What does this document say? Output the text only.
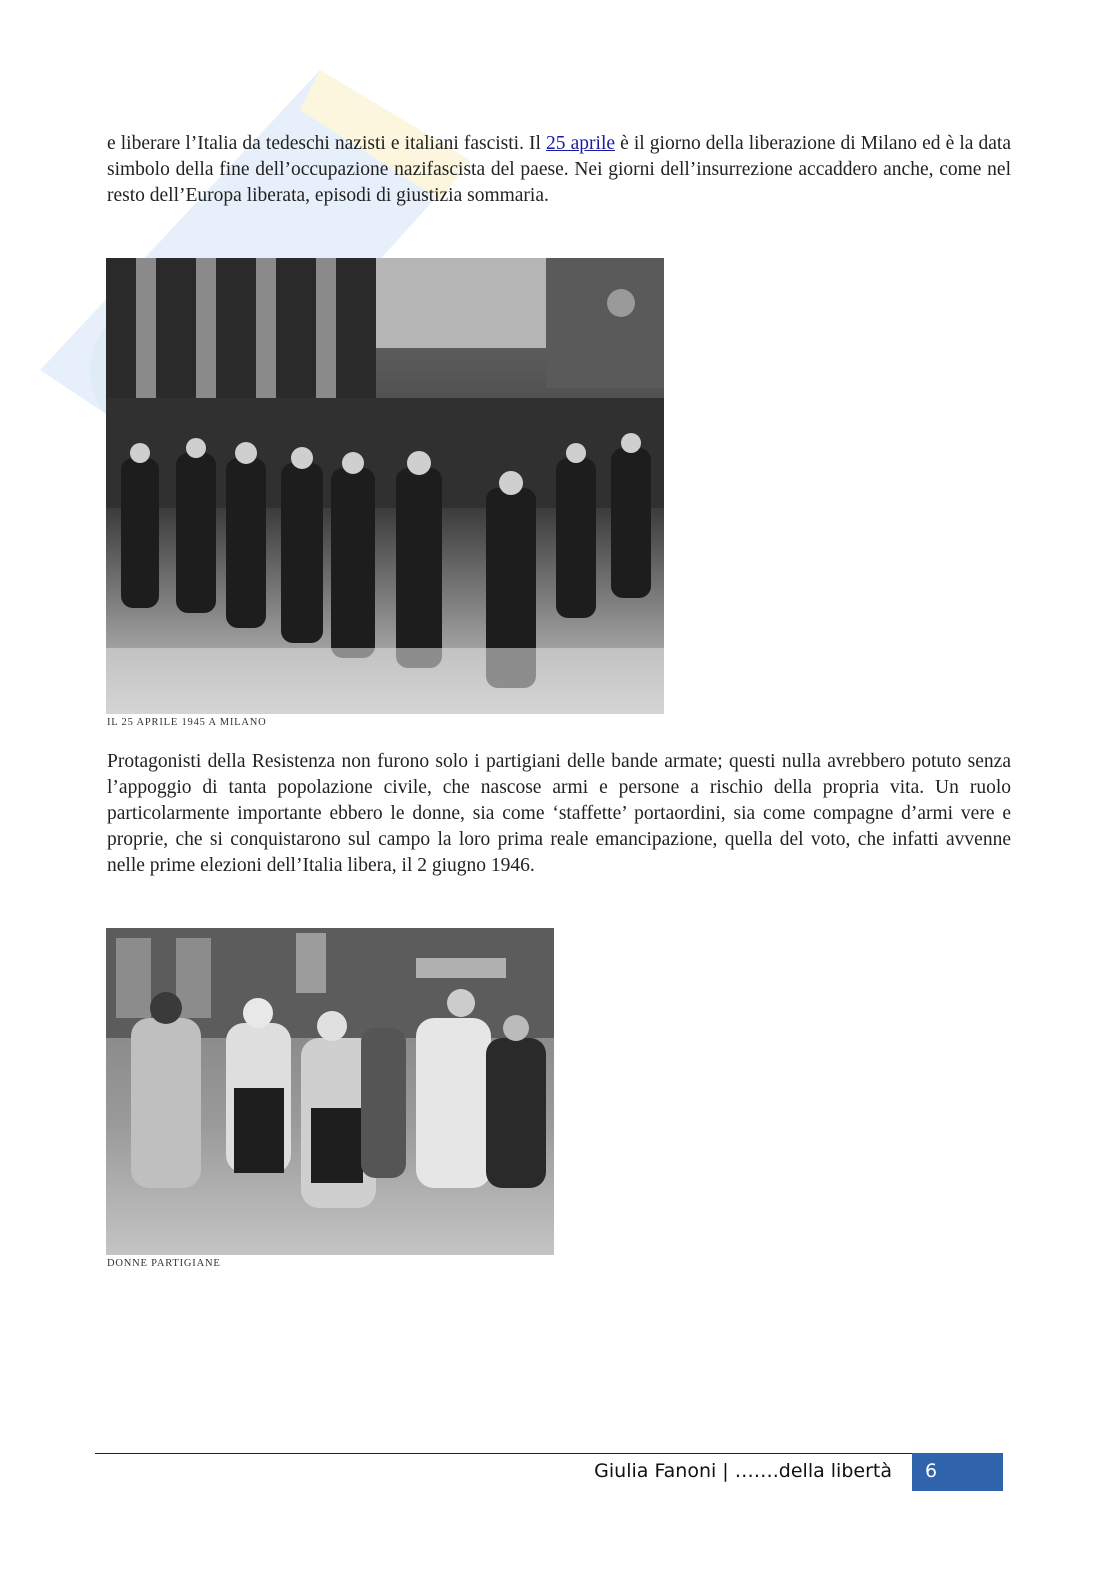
e liberare l’Italia da tedeschi nazisti e italiani fascisti. Il 25 aprile è il giorno della liberazione di Milano ed è la data simbolo della fine dell’occupazione nazifascista del paese. Nei giorni dell’insurrezione accaddero anche, come nel resto dell’Europa liberata, episodi di giustizia sommaria.

IL 25 APRILE 1945 A MILANO

Protagonisti della Resistenza non furono solo i partigiani delle bande armate; questi nulla avrebbero potuto senza l’appoggio di tanta popolazione civile, che nascose armi e persone a rischio della propria vita. Un ruolo particolarmente importante ebbero le donne, sia come ‘staffette’ portaordini, sia come compagne d’armi vere e proprie, che si conquistarono sul campo la loro prima reale emancipazione, quella del voto, che infatti avvenne nelle prime elezioni dell’Italia libera, il 2 giugno 1946.

DONNE PARTIGIANE
Giulia Fanoni | …….della libertà	6
